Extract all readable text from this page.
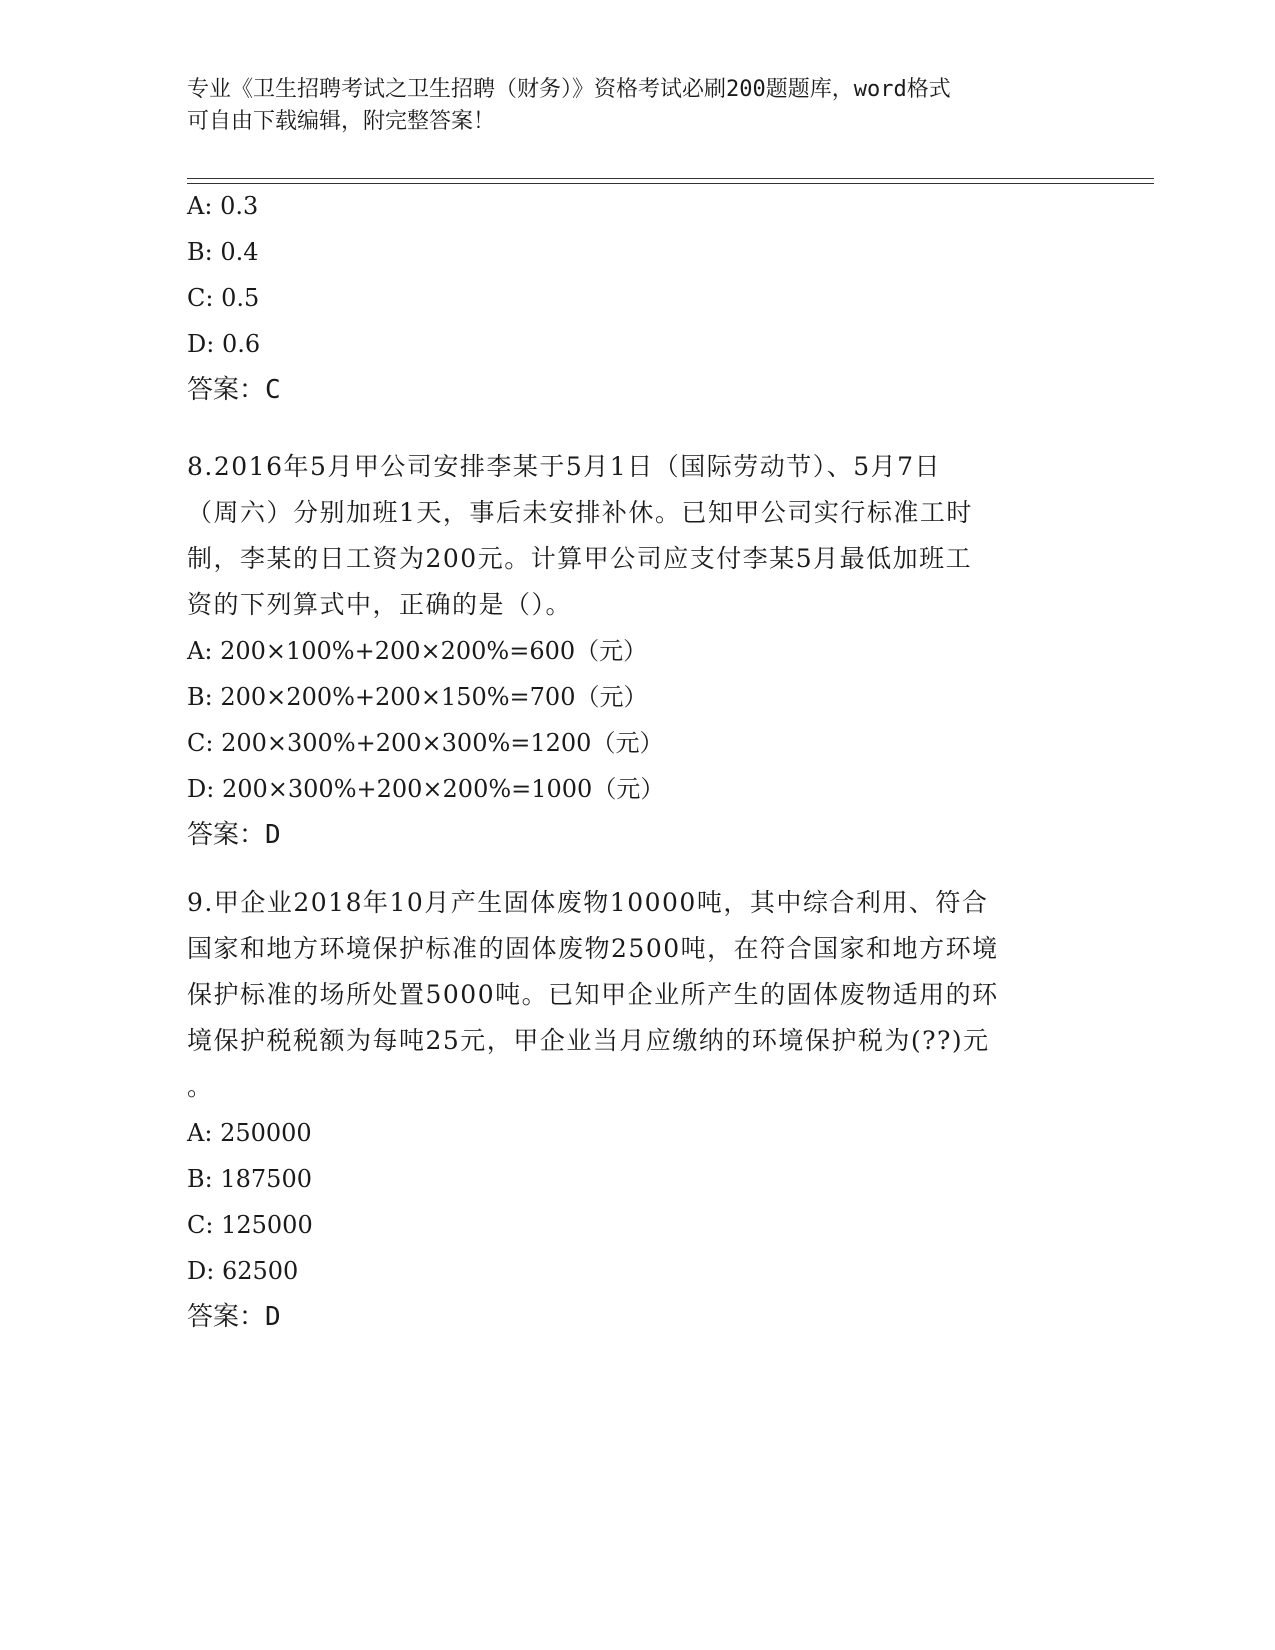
专业《卫生招聘考试之卫生招聘（财务）》资格考试必刷200题题库，word格式
可自由下载编辑，附完整答案！
A: 0.3
B: 0.4
C: 0.5
D: 0.6
答案：C
8.2016年5月甲公司安排李某于5月1日（国际劳动节）、5月7日
（周六）分别加班1天，事后未安排补休。已知甲公司实行标准工时
制，李某的日工资为200元。计算甲公司应支付李某5月最低加班工
资的下列算式中，正确的是（）。
A: 200×100%+200×200%=600（元）
B: 200×200%+200×150%=700（元）
C: 200×300%+200×300%=1200（元）
D: 200×300%+200×200%=1000（元）
答案：D
9.甲企业2018年10月产生固体废物10000吨，其中综合利用、符合
国家和地方环境保护标准的固体废物2500吨，在符合国家和地方环境
保护标准的场所处置5000吨。已知甲企业所产生的固体废物适用的环
境保护税税额为每吨25元，甲企业当月应缴纳的环境保护税为(??)元
。
A: 250000
B: 187500
C: 125000
D: 62500
答案：D
